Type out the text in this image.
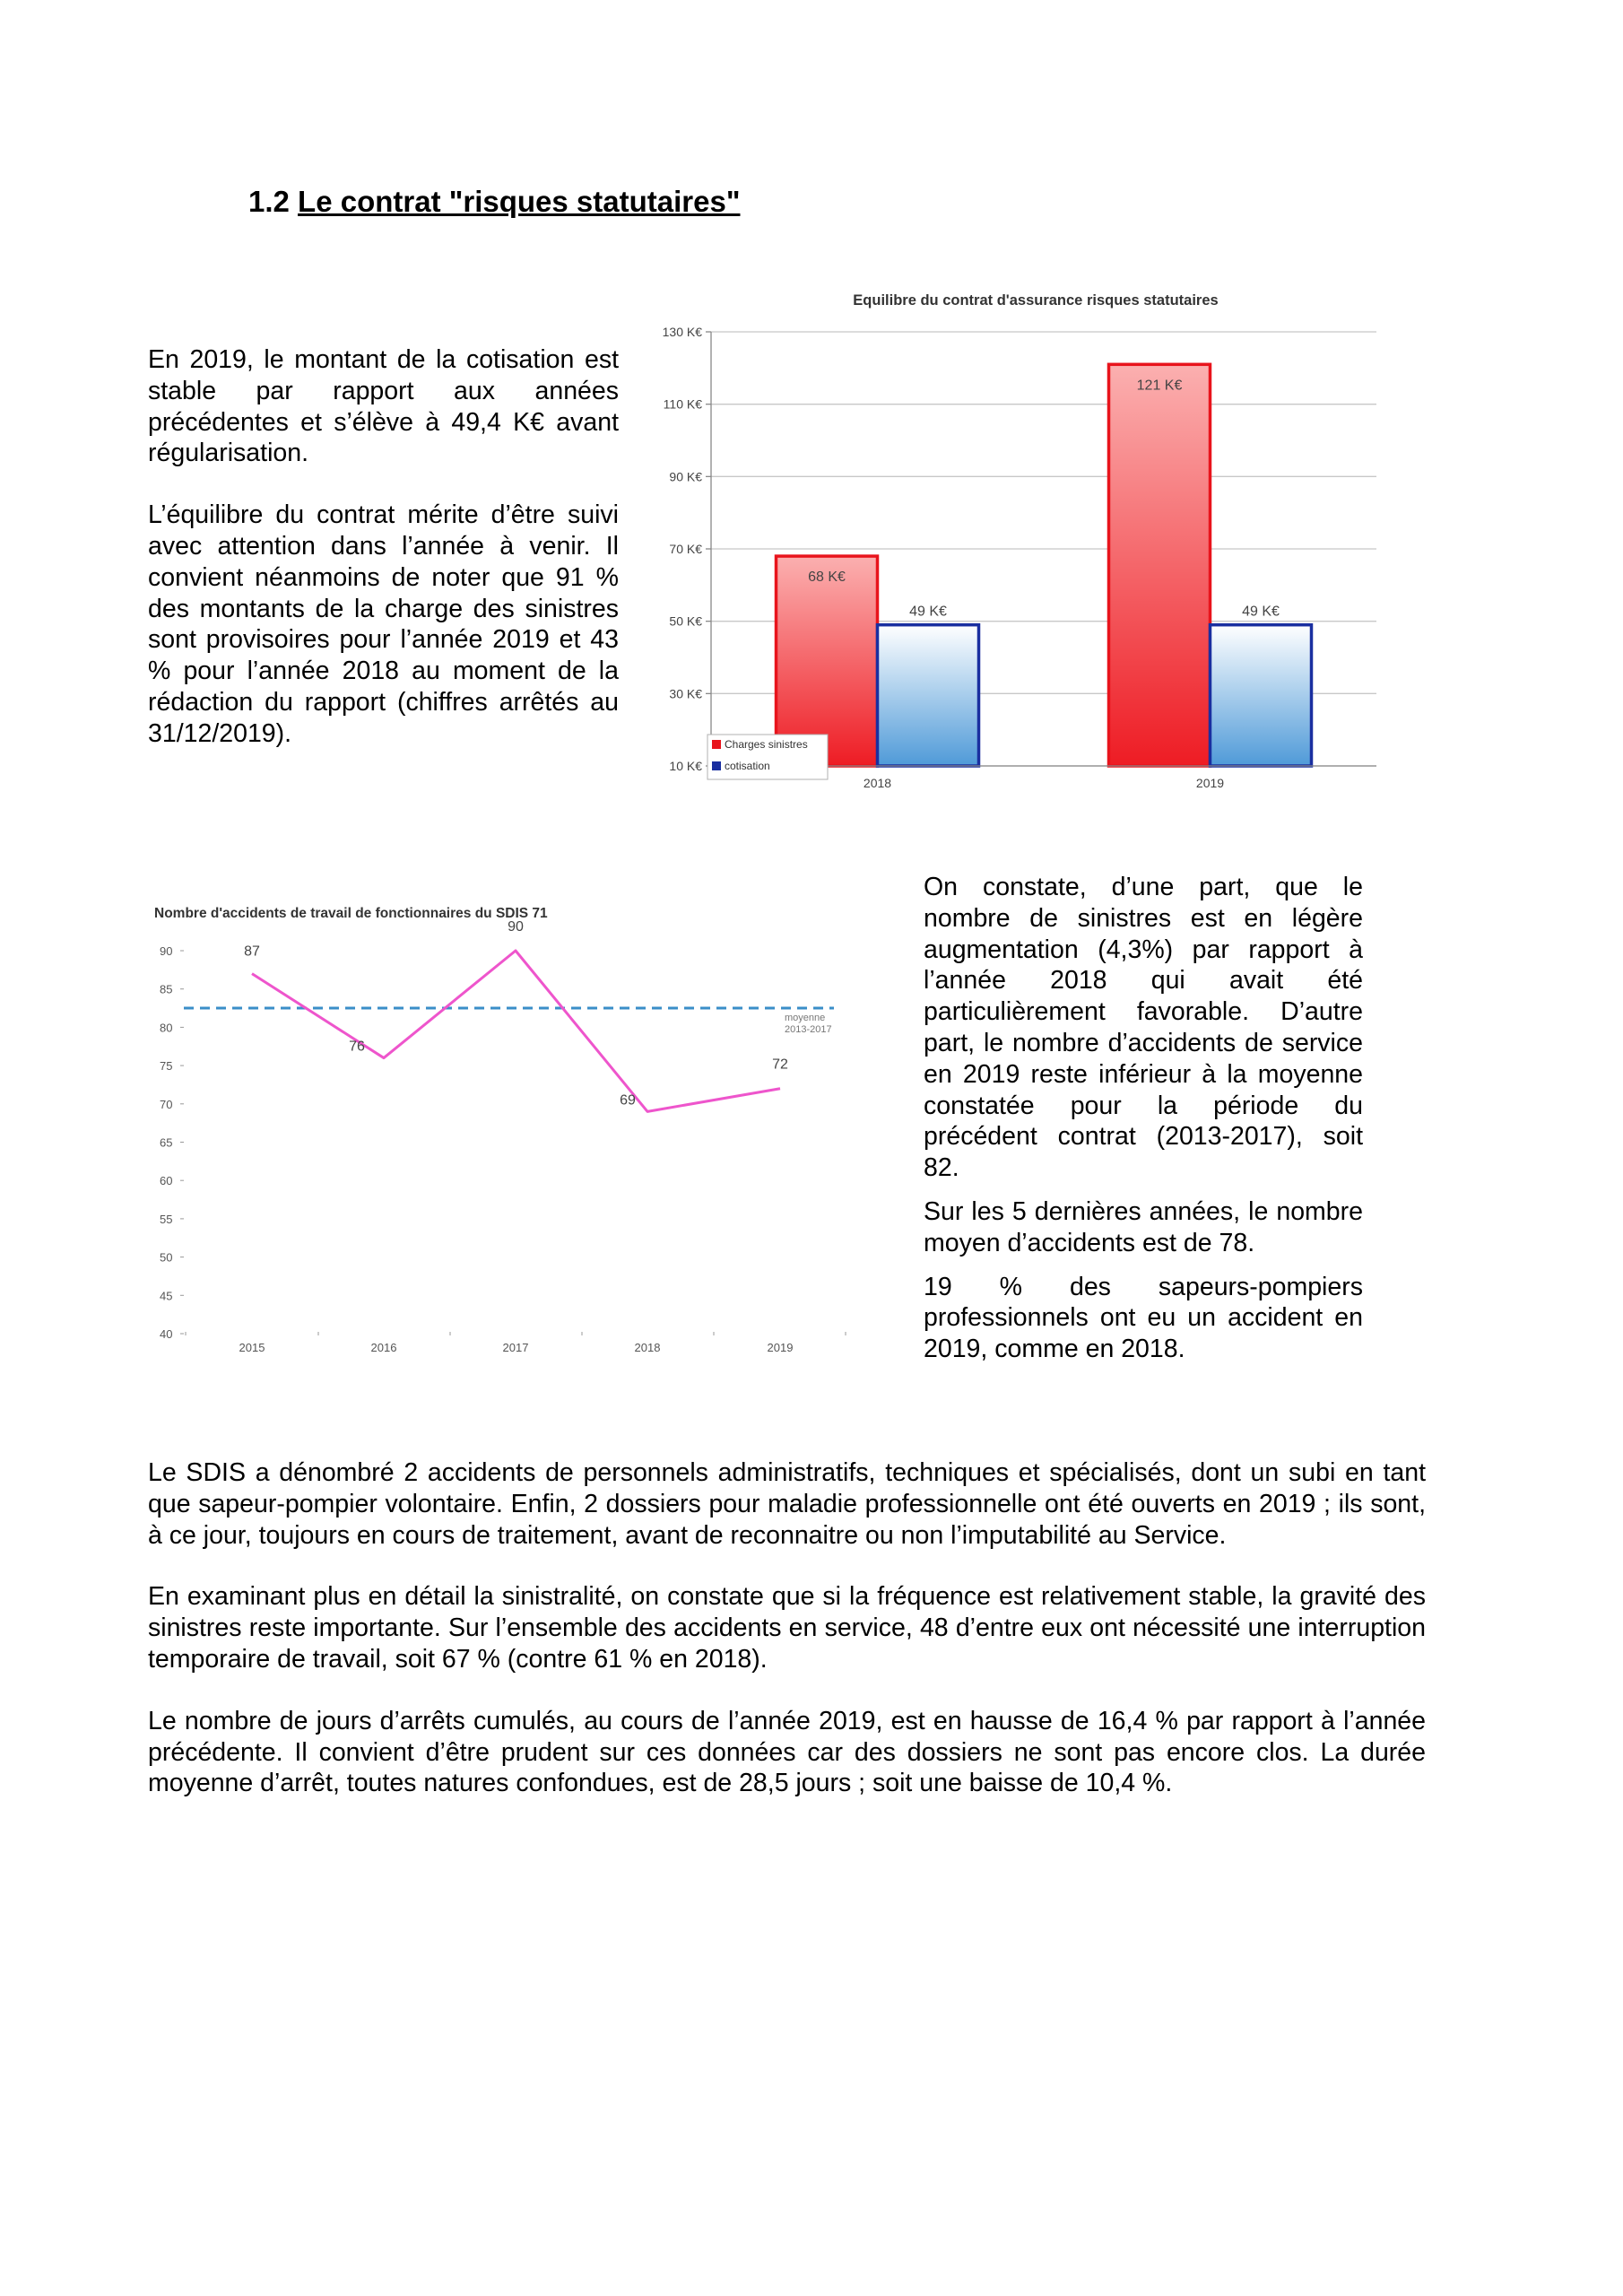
1.2 Le contrat "risques statutaires"

En 2019, le montant de la cotisation est stable par rapport aux années précédentes et s’élève à 49,4 K€ avant régularisation.

L’équilibre du contrat mérite d’être suivi avec attention dans l’année à venir. Il convient néanmoins de noter que 91 % des montants de la charge des sinistres sont provisoires pour l’année 2019 et 43 % pour l’année 2018 au moment de la rédaction du rapport (chiffres arrêtés au 31/12/2019).

Equilibre du contrat d'assurance risques statutaires
10 K€
30 K€
50 K€
70 K€
90 K€
110 K€
130 K€
68 K€
49 K€
121 K€
49 K€
2018	2019
Charges sinistres
cotisation
Nombre d'accidents de travail de fonctionnaires du SDIS 71
40
45
50
55
60
65
70
75
80
85
90
2015	2016	2017	2018	2019
moyenne
2013-2017
87
76
90
69
72

On constate, d’une part, que le nombre de sinistres est en légère augmentation (4,3%) par rapport à l’année 2018 qui avait été particulièrement favorable. D’autre part, le nombre d’accidents de service en 2019 reste inférieur à la moyenne constatée pour la période du précédent contrat (2013-2017), soit 82.

Sur les 5 dernières années, le nombre moyen d’accidents est de 78.

19 % des sapeurs-pompiers professionnels ont eu un accident en 2019, comme en 2018.

Le SDIS a dénombré 2 accidents de personnels administratifs, techniques et spécialisés, dont un subi en tant que sapeur-pompier volontaire. Enfin, 2 dossiers pour maladie professionnelle ont été ouverts en 2019 ; ils sont, à ce jour, toujours en cours de traitement, avant de reconnaitre ou non l’imputabilité au Service.

En examinant plus en détail la sinistralité, on constate que si la fréquence est relativement stable, la gravité des sinistres reste importante. Sur l’ensemble des accidents en service, 48 d’entre eux ont nécessité une interruption temporaire de travail, soit 67 % (contre 61 % en 2018).

Le nombre de jours d’arrêts cumulés, au cours de l’année 2019, est en hausse de 16,4 % par rapport à l’année précédente. Il convient d’être prudent sur ces données car des dossiers ne sont pas encore clos. La durée moyenne d’arrêt, toutes natures confondues, est de 28,5 jours ; soit une baisse de 10,4 %.
